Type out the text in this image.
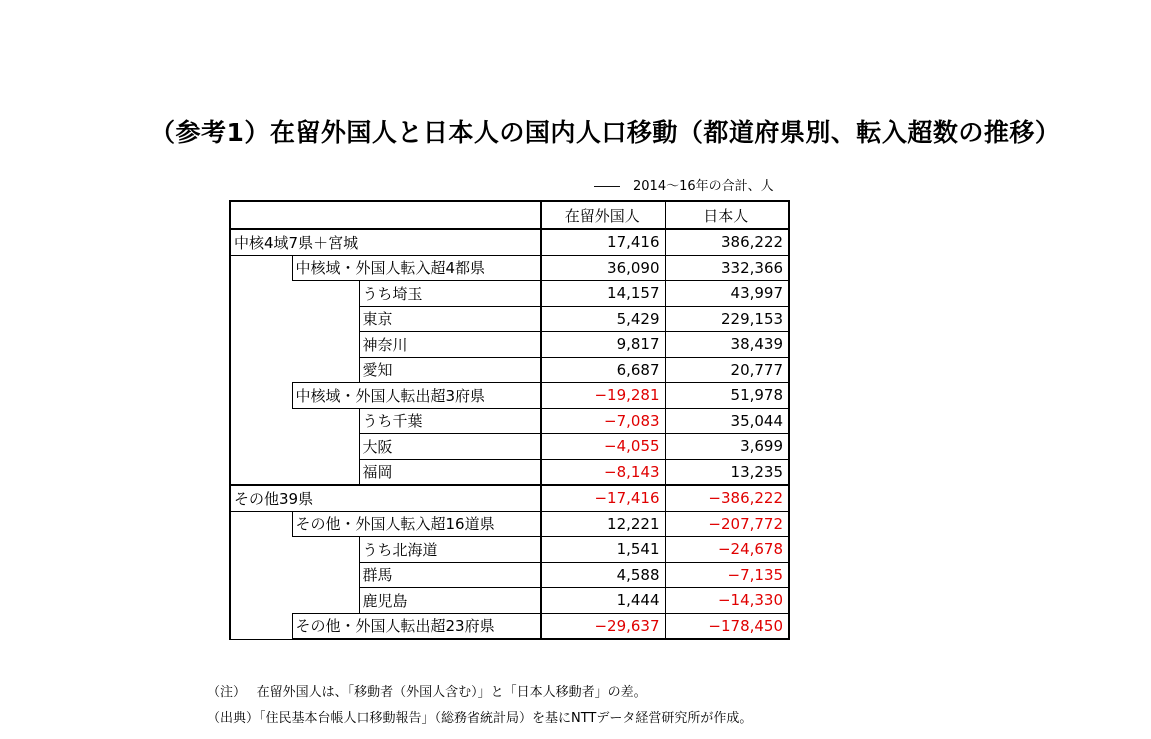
（参考1）在留外国人と日本人の国内人口移動（都道府県別、転入超数の推移）
――　2014～16年の合計、人
			在留外国人	日本人
中核4域7県＋宮城			17,416	386,222
	中核域・外国人転入超4都県		36,090	332,366
		うち埼玉	14,157	43,997
		東京	5,429	229,153
		神奈川	9,817	38,439
		愛知	6,687	20,777
	中核域・外国人転出超3府県		−19,281	51,978
		うち千葉	−7,083	35,044
		大阪	−4,055	3,699
		福岡	−8,143	13,235
その他39県			−17,416	−386,222
	その他・外国人転入超16道県		12,221	−207,772
		うち北海道	1,541	−24,678
		群馬	4,588	−7,135
		鹿児島	1,444	−14,330
	その他・外国人転出超23府県		−29,637	−178,450
（注）　 在留外国人は、「移動者（外国人含む）」と「日本人移動者」の差。
（出典）「住民基本台帳人口移動報告」（総務省統計局）を基にNTTデータ経営研究所が作成。
